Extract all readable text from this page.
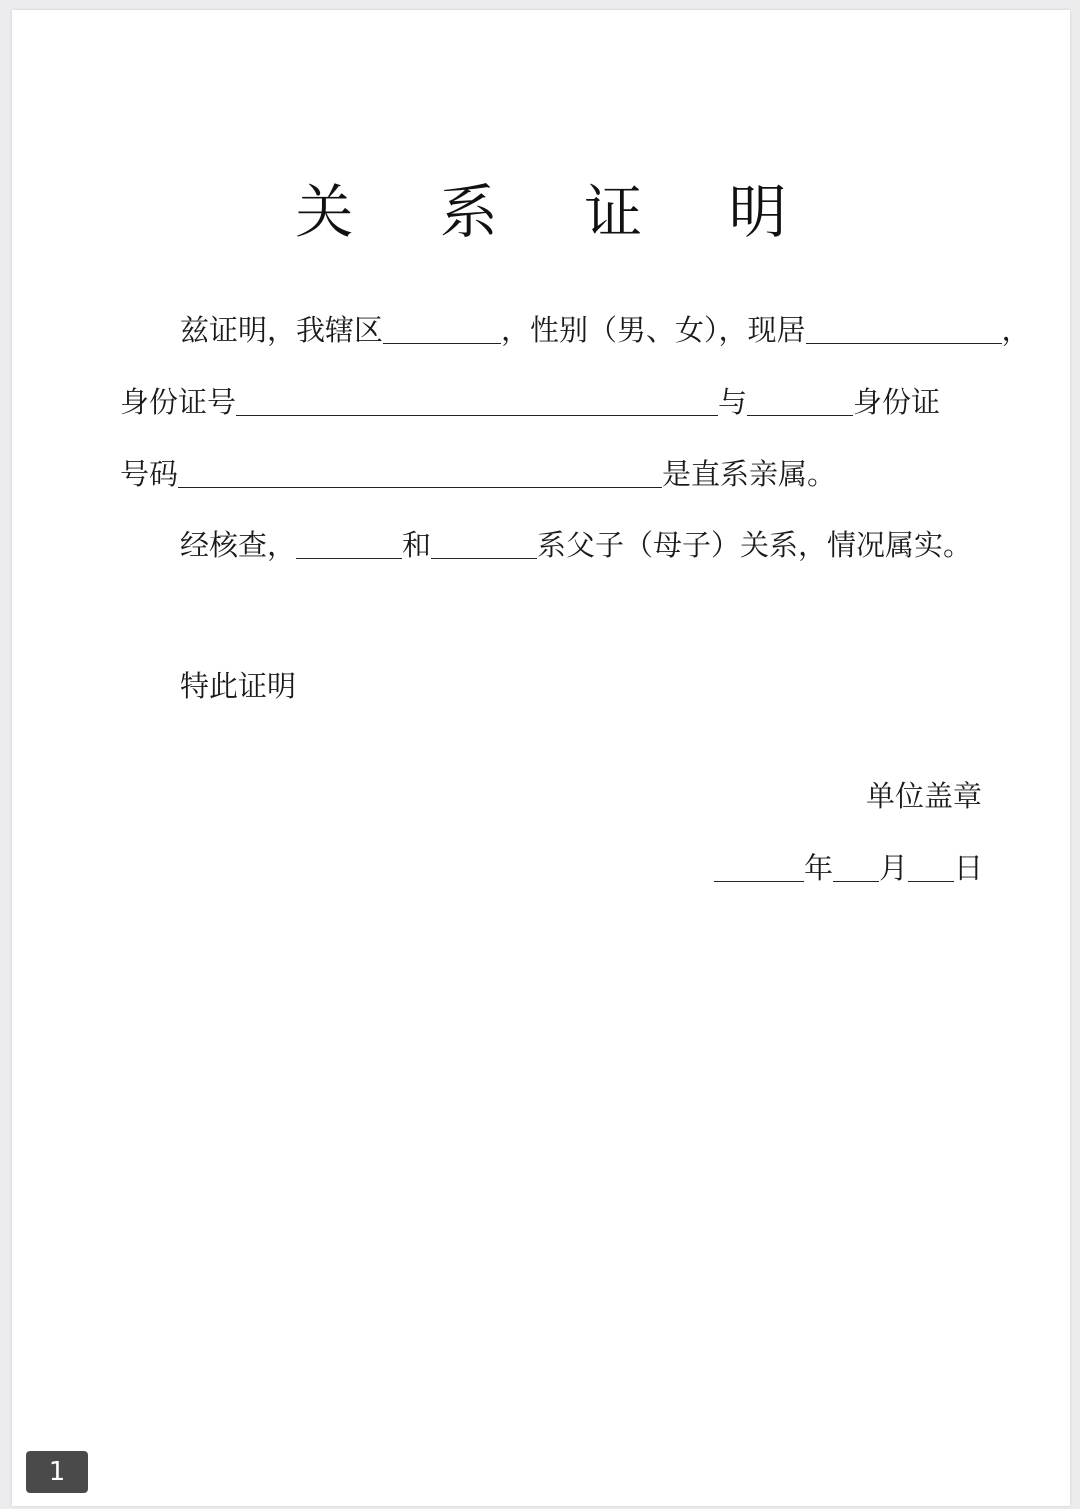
关 系 证 明
兹证明，我辖区	，性别（男、女），现居	，
身份证号	与	身份证
号码	是直系亲属。
经核查，	和	系父子（母子）关系，情况属实。
特此证明
单位盖章
年 月 日
1
